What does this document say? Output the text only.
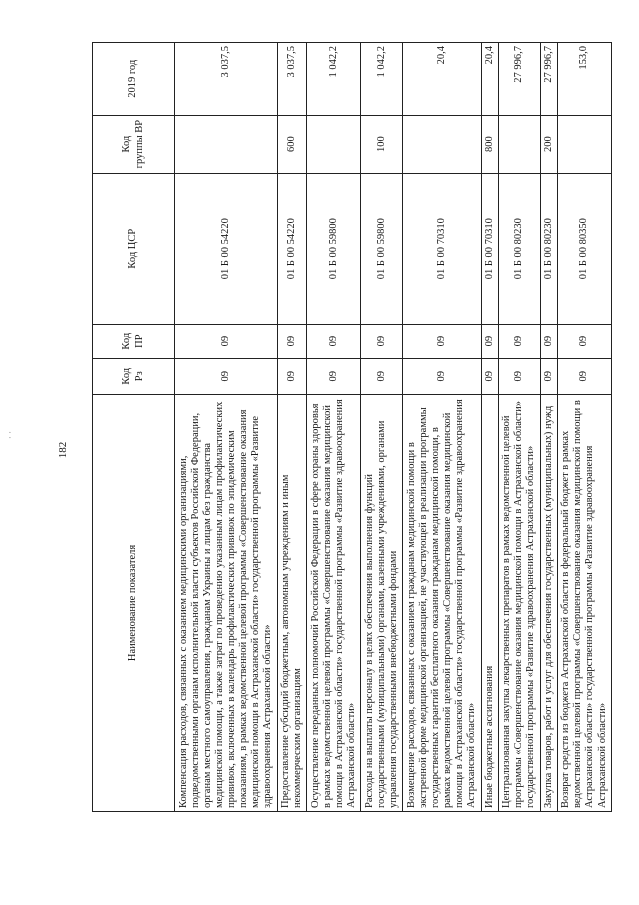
182
· ·
Наименование показателя	Код Рз	Код ПР	Код ЦСР	Код группы ВР	2019 год
Компенсация расходов, связанных с оказанием медицинскими организациями, подведомственными органам исполнительной власти субъектов Российской Федерации, органам местного самоуправления, гражданам Украины и лицам без гражданства медицинской помощи, а также затрат по проведению указанным лицам профилактических прививок, включенных в календарь профилактических прививок по эпидемическим показаниям, в рамках ведомственной целевой программы «Совершенствование оказания медицинской помощи в Астраханской области» государственной программы «Развитие здравоохранения Астраханской области»	09	09	01 Б 00 54220		3 037,5
Предоставление субсидий бюджетным, автономным учреждениям и иным некоммерческим организациям	09	09	01 Б 00 54220	600	3 037,5
Осуществление переданных полномочий Российской Федерации в сфере охраны здоровья в рамках ведомственной целевой программы «Совершенствование оказания медицинской помощи в Астраханской области» государственной программы «Развитие здравоохранения Астраханской области»	09	09	01 Б 00 59800		1 042,2
Расходы на выплаты персоналу в целях обеспечения выполнения функций государственными (муниципальными) органами, казенными учреждениями, органами управления государственными внебюджетными фондами	09	09	01 Б 00 59800	100	1 042,2
Возмещение расходов, связанных с оказанием гражданам медицинской помощи в экстренной форме медицинской организацией, не участвующей в реализации программы государственных гарантий бесплатного оказания гражданам медицинской помощи, в рамках ведомственной целевой программы «Совершенствование оказания медицинской помощи в Астраханской области» государственной программы «Развитие здравоохранения Астраханской области»	09	09	01 Б 00 70310		20,4
Иные бюджетные ассигнования	09	09	01 Б 00 70310	800	20,4
Централизованная закупка лекарственных препаратов в рамках ведомственной целевой программы «Совершенствование оказания медицинской помощи в Астраханской области» государственной программы «Развитие здравоохранения Астраханской области»	09	09	01 Б 00 80230		27 996,7
Закупка товаров, работ и услуг для обеспечения государственных (муниципальных) нужд	09	09	01 Б 00 80230	200	27 996,7
Возврат средств из бюджета Астраханской области в федеральный бюджет в рамках ведомственной целевой программы «Совершенствование оказания медицинской помощи в Астраханской области» государственной программы «Развитие здравоохранения Астраханской области»	09	09	01 Б 00 80350		153,0
